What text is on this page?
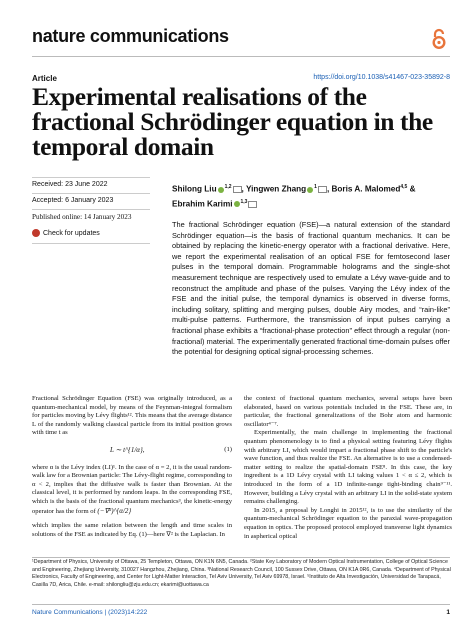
nature communications
Article	https://doi.org/10.1038/s41467-023-35892-8
Experimental realisations of the fractional Schrödinger equation in the temporal domain
Received: 23 June 2022
Accepted: 6 January 2023
Published online: 14 January 2023
Check for updates
Shilong Liu $^{1,2}$ , Yingwen Zhang $^1$ , Boris A. Malomed$^{4,5}$ &
Ebrahim Karimi $^{1,3}$
The fractional Schrödinger equation (FSE)—a natural extension of the standard Schrödinger equation—is the basis of fractional quantum mechanics. It can be obtained by replacing the kinetic-energy operator with a fractional derivative. Here, we report the experimental realisation of an optical FSE for femtosecond laser pulses in the temporal domain. Programmable holograms and the single-shot measurement technique are respectively used to emulate a Lévy wave-guide and to reconstruct the amplitude and phase of the pulses. Varying the Lévy index of the FSE and the initial pulse, the temporal dynamics is observed in diverse forms, including solitary, splitting and merging pulses, double Airy modes, and “rain-like” multi-pulse patterns. Furthermore, the transmission of input pulses carrying a fractional phase exhibits a “fractional-phase protection” effect through a regular (non-fractional) material. The experimentally generated fractional time-domain pulses offer the potential for designing optical signal-processing schemes.
Fractional Schrödinger Equation (FSE) was originally introduced, as a quantum-mechanical model, by means of the Feynman-integral formalism for particles moving by Lévy flights¹². This means that the average distance L of the randomly walking classical particle from its initial position grows with time t as
L ∼ t^{1/α},	(1)
where α is the Lévy index (LI)¹. In the case of α = 2, it is the usual random-walk law for a Brownian particle: The Lévy-flight regime, corresponding to α < 2, implies that the diffusive walk is faster than Brownian. At the classical level, it is performed by random leaps. In the corresponding FSE, which is the basis of the fractional quantum mechanics³, the kinetic-energy operator has the form of (−∇²)^{α/2}
which implies the same relation between the length and time scales in solutions of the FSE as indicated by Eq. (1)—here ∇² is the Laplacian. In
the context of fractional quantum mechanics, several setups have been elaborated, based on various potentials included in the FSE. These are, in particular, the fractional generalizations of the Bohr atom and harmonic oscillator⁴⁻⁷.
Experimentally, the main challenge in implementing the fractional quantum phenomenology is to find a physical setting featuring Lévy flights with arbitrary LI, which would impart a fractional phase shift to the particle's wave function, and thus realize the FSE. An alternative is to use a condensed-matter setting to realize the spatial-domain FSE⁸. In this case, the key ingredient is a 1D Lévy crystal with LI taking values 1 < α ≤ 2, which is introduced in the form of a 1D infinite-range tight-binding chain⁹⁻¹¹. However, building a Lévy crystal with an arbitrary LI in the solid-state system remains challenging.
In 2015, a proposal by Longhi in 2015¹², is to use the similarity of the quantum-mechanical Schrödinger equation to the paraxial wave-propagation equation in optics. The proposed protocol employed transverse light dynamics in aspherical optical
¹Department of Physics, University of Ottawa, 25 Templeton, Ottawa, ON K1N 6N5, Canada. ²State Key Laboratory of Modern Optical Instrumentation, College of Optical Science and Engineering, Zhejiang University, 310027 Hangzhou, Zhejiang, China. ³National Research Council, 100 Sussex Drive, Ottawa, ON K1A 0R6, Canada. ⁴Department of Physical Electronics, Faculty of Engineering, and Center for Light-Matter Interaction, Tel Aviv University, Tel Aviv 69978, Israel. ⁵Instituto de Alta Investigación, Universidad de Tarapacá, Casilla 7D, Arica, Chile. e-mail: shilongliu@zju.edu.cn; ekarimi@uottawa.ca
Nature Communications | (2023)14:222	1
